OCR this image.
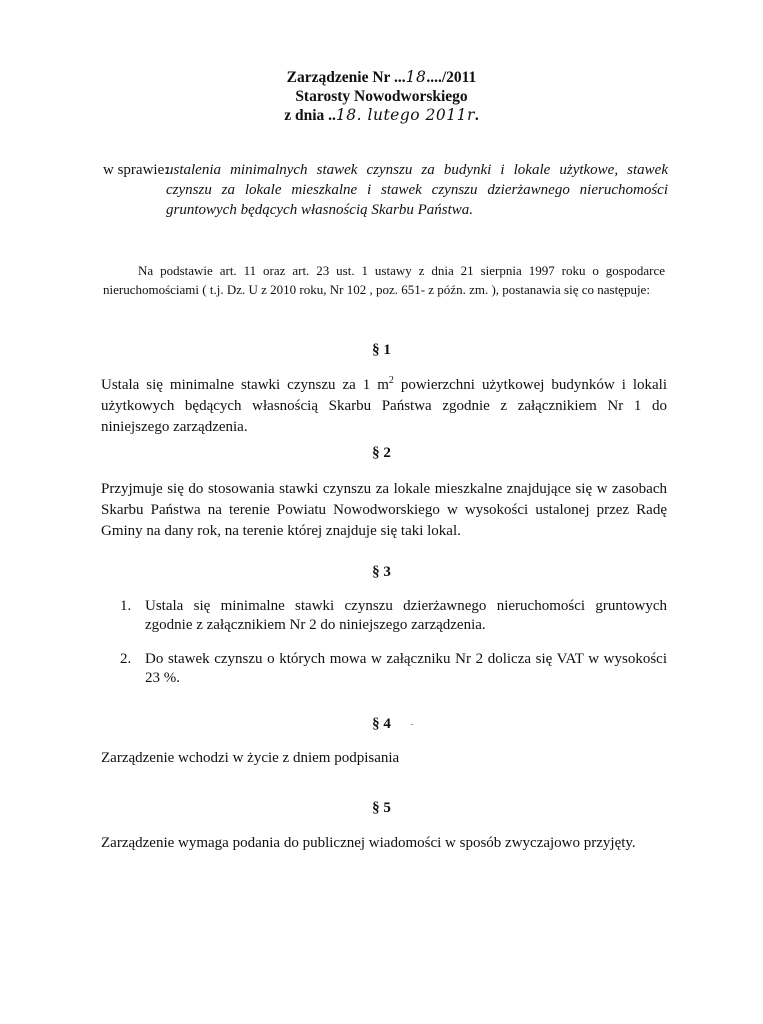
Zarządzenie Nr ...18..../2011
Starosty Nowodworskiego
z dnia ..18. lutego 2011r.
w sprawie:
ustalenia minimalnych stawek czynszu za budynki i lokale użytkowe, stawek czynszu za lokale mieszkalne i stawek czynszu dzierżawnego nieruchomości gruntowych będących własnością Skarbu Państwa.
Na podstawie art. 11 oraz art. 23 ust. 1 ustawy z dnia 21 sierpnia 1997 roku o gospodarce nieruchomościami ( t.j. Dz. U z 2010 roku, Nr 102 , poz. 651- z późn. zm. ), postanawia się co następuje:
§ 1
Ustala się minimalne stawki czynszu za 1 $m^2$ powierzchni użytkowej budynków i lokali użytkowych będących własnością Skarbu Państwa zgodnie z załącznikiem Nr 1 do niniejszego zarządzenia.
§ 2
Przyjmuje się do stosowania stawki czynszu za lokale mieszkalne znajdujące się w zasobach Skarbu Państwa na terenie Powiatu Nowodworskiego w wysokości ustalonej przez Radę Gminy na dany rok, na terenie której znajduje się taki lokal.
§ 3
1. Ustala się minimalne stawki czynszu dzierżawnego nieruchomości gruntowych zgodnie z załącznikiem Nr 2 do niniejszego zarządzenia.
2. Do stawek czynszu o których mowa w załączniku Nr 2 dolicza się VAT w wysokości 23 %.
§ 4
Zarządzenie wchodzi w życie z dniem podpisania
§ 5
Zarządzenie wymaga podania do publicznej wiadomości w sposób zwyczajowo przyjęty.
